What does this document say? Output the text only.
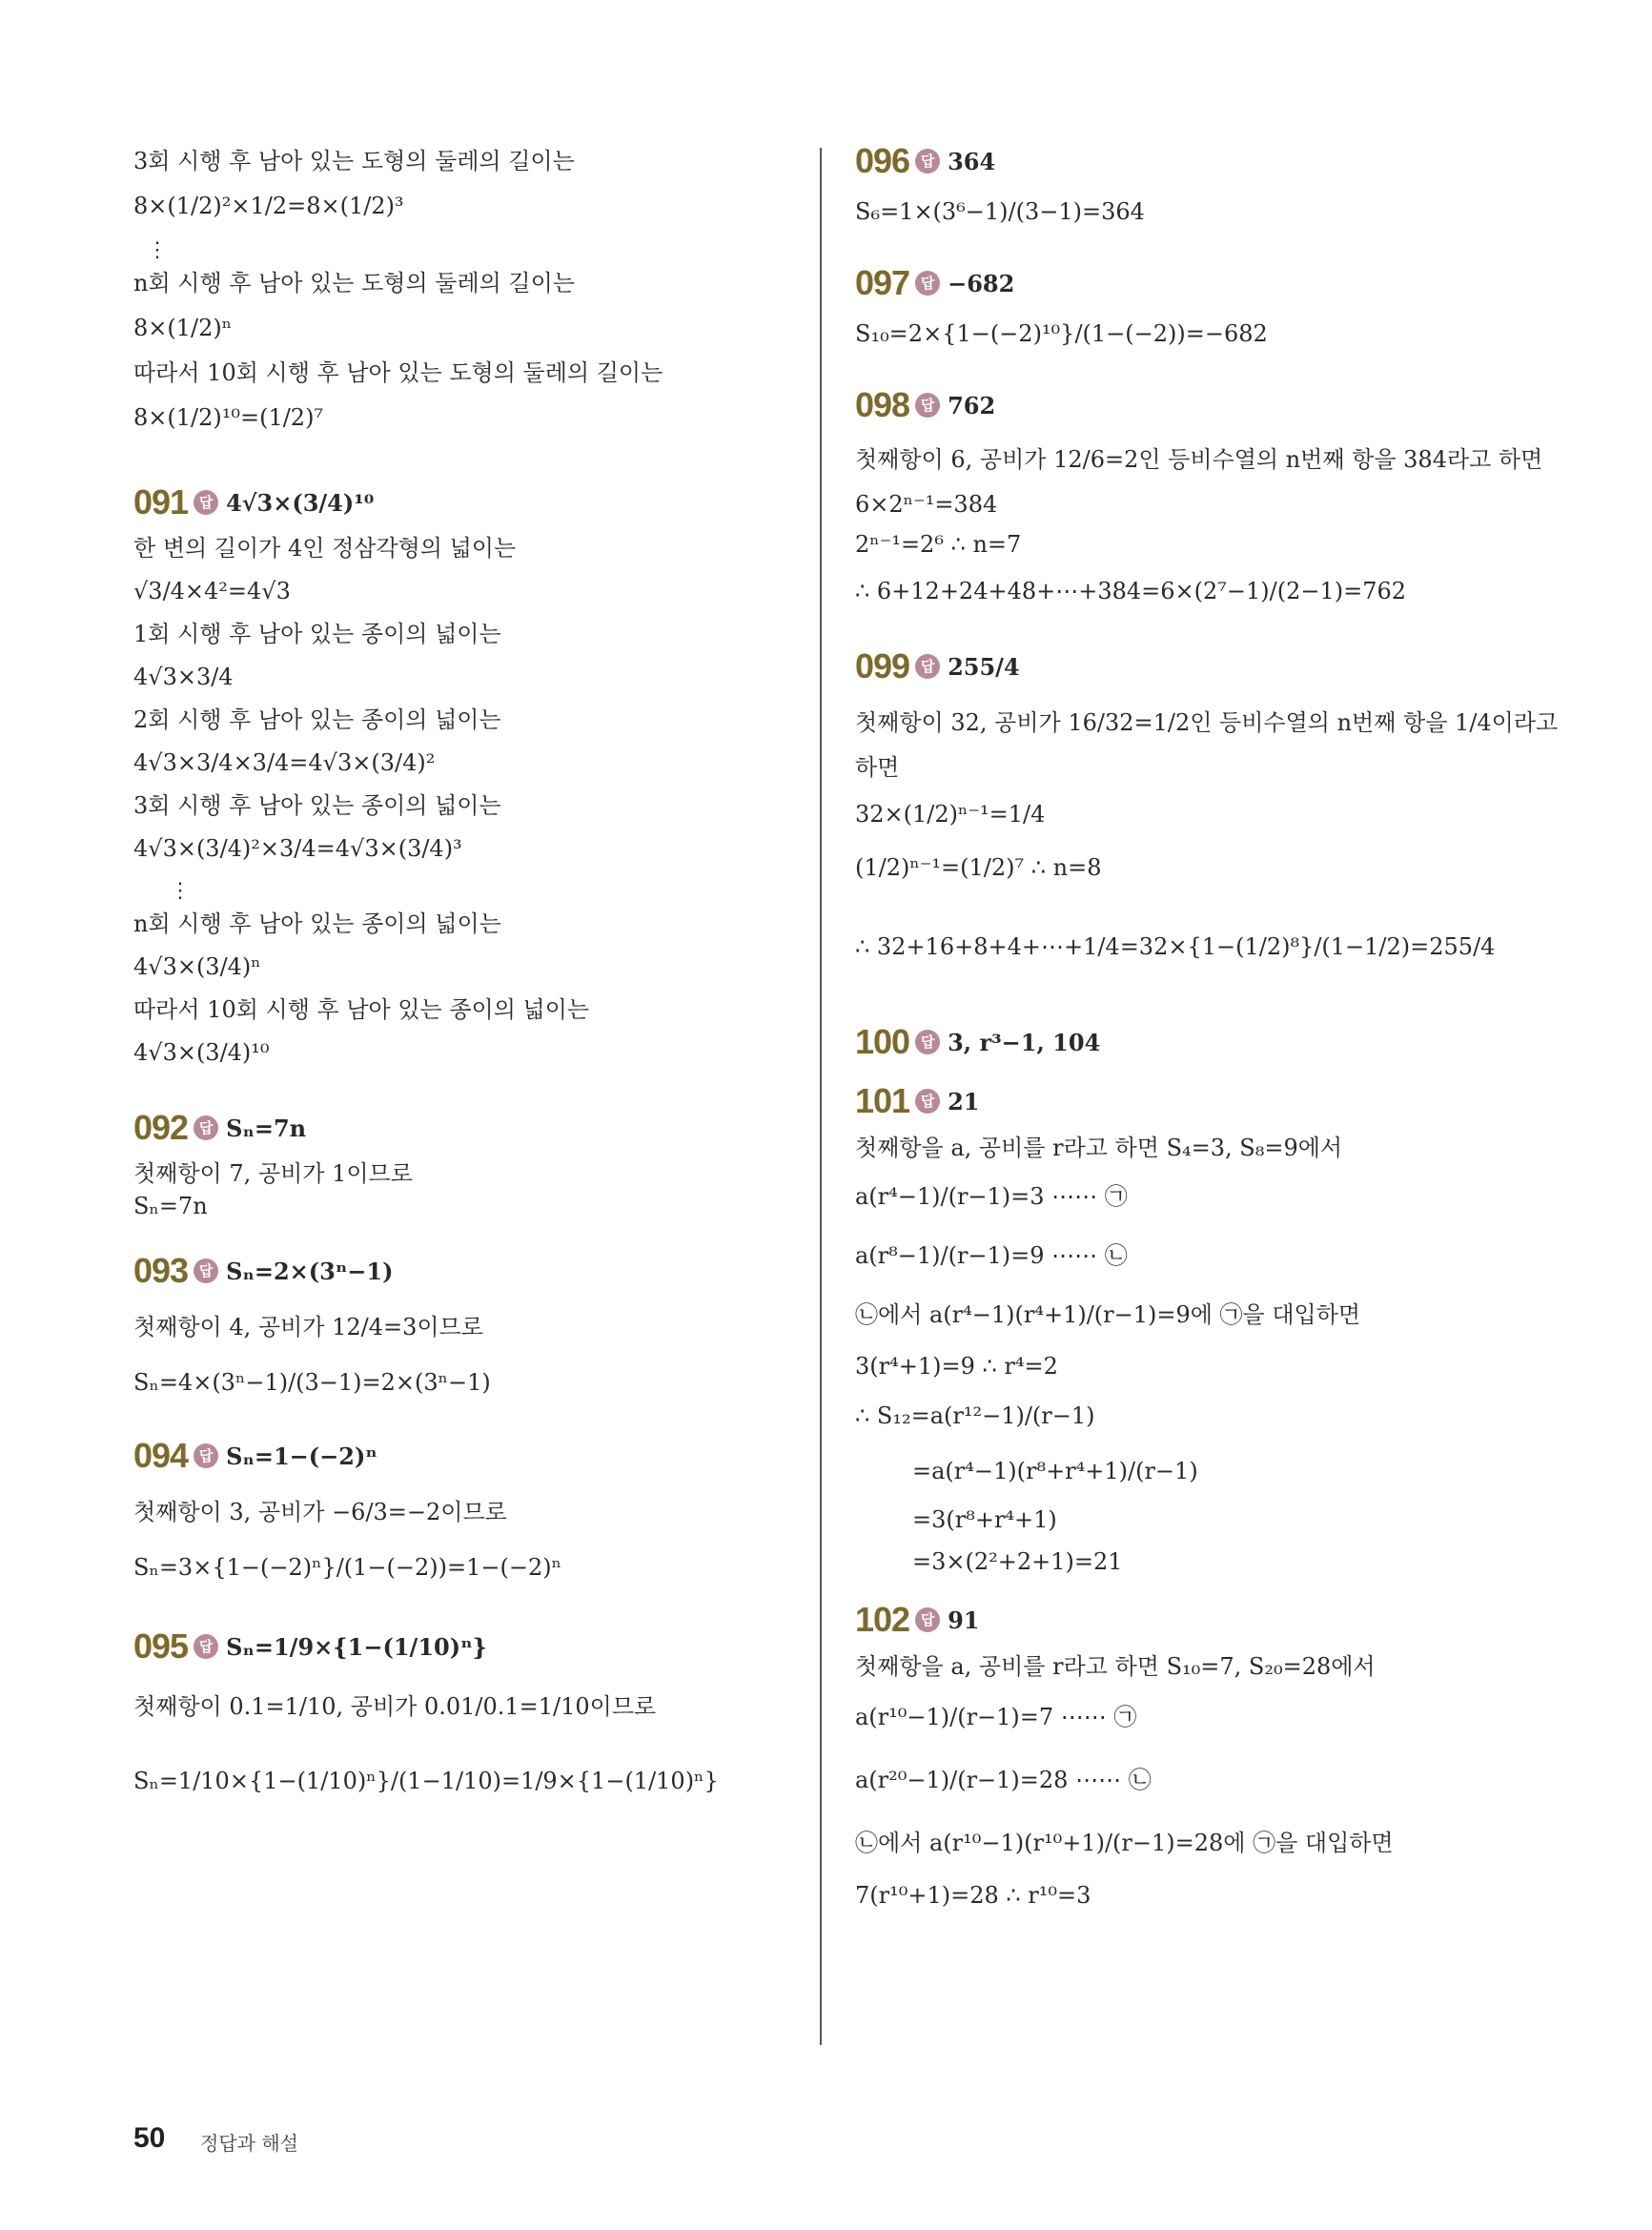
3회 시행 후 남아 있는 도형의 둘레의 길이는

8×(1/2)²×1/2=8×(1/2)³

⋮

n회 시행 후 남아 있는 도형의 둘레의 길이는

8×(1/2)ⁿ

따라서 10회 시행 후 남아 있는 도형의 둘레의 길이는

8×(1/2)¹⁰=(1/2)⁷

091 답 4√3×(3/4)¹⁰

한 변의 길이가 4인 정삼각형의 넓이는

√3/4×4²=4√3

1회 시행 후 남아 있는 종이의 넓이는

4√3×3/4

2회 시행 후 남아 있는 종이의 넓이는

4√3×3/4×3/4=4√3×(3/4)²

3회 시행 후 남아 있는 종이의 넓이는

4√3×(3/4)²×3/4=4√3×(3/4)³

⋮

n회 시행 후 남아 있는 종이의 넓이는

4√3×(3/4)ⁿ

따라서 10회 시행 후 남아 있는 종이의 넓이는

4√3×(3/4)¹⁰

092 답 Sₙ=7n

첫째항이 7, 공비가 1이므로

Sₙ=7n

093 답 Sₙ=2×(3ⁿ−1)

첫째항이 4, 공비가 12/4=3이므로

Sₙ=4×(3ⁿ−1)/(3−1)=2×(3ⁿ−1)

094 답 Sₙ=1−(−2)ⁿ

첫째항이 3, 공비가 −6/3=−2이므로

Sₙ=3×{1−(−2)ⁿ}/(1−(−2))=1−(−2)ⁿ

095 답 Sₙ=1/9×{1−(1/10)ⁿ}

첫째항이 0.1=1/10, 공비가 0.01/0.1=1/10이므로

Sₙ=1/10×{1−(1/10)ⁿ}/(1−1/10)=1/9×{1−(1/10)ⁿ}

096 답 364

S₆=1×(3⁶−1)/(3−1)=364

097 답 −682

S₁₀=2×{1−(−2)¹⁰}/(1−(−2))=−682

098 답 762

첫째항이 6, 공비가 12/6=2인 등비수열의 n번째 항을 384라고 하면

6×2ⁿ⁻¹=384

2ⁿ⁻¹=2⁶ ∴ n=7

∴ 6+12+24+48+⋯+384=6×(2⁷−1)/(2−1)=762

099 답 255/4

첫째항이 32, 공비가 16/32=1/2인 등비수열의 n번째 항을 1/4이라고

하면

32×(1/2)ⁿ⁻¹=1/4

(1/2)ⁿ⁻¹=(1/2)⁷ ∴ n=8

∴ 32+16+8+4+⋯+1/4=32×{1−(1/2)⁸}/(1−1/2)=255/4

100 답 3, r³−1, 104
101 답 21

첫째항을 a, 공비를 r라고 하면 S₄=3, S₈=9에서

a(r⁴−1)/(r−1)=3 ⋯⋯ ㉠

a(r⁸−1)/(r−1)=9 ⋯⋯ ㉡

㉡에서 a(r⁴−1)(r⁴+1)/(r−1)=9에 ㉠을 대입하면

3(r⁴+1)=9 ∴ r⁴=2

∴ S₁₂=a(r¹²−1)/(r−1)

=a(r⁴−1)(r⁸+r⁴+1)/(r−1)

=3(r⁸+r⁴+1)

=3×(2²+2+1)=21

102 답 91

첫째항을 a, 공비를 r라고 하면 S₁₀=7, S₂₀=28에서

a(r¹⁰−1)/(r−1)=7 ⋯⋯ ㉠

a(r²⁰−1)/(r−1)=28 ⋯⋯ ㉡

㉡에서 a(r¹⁰−1)(r¹⁰+1)/(r−1)=28에 ㉠을 대입하면

7(r¹⁰+1)=28 ∴ r¹⁰=3

50 정답과 해설
